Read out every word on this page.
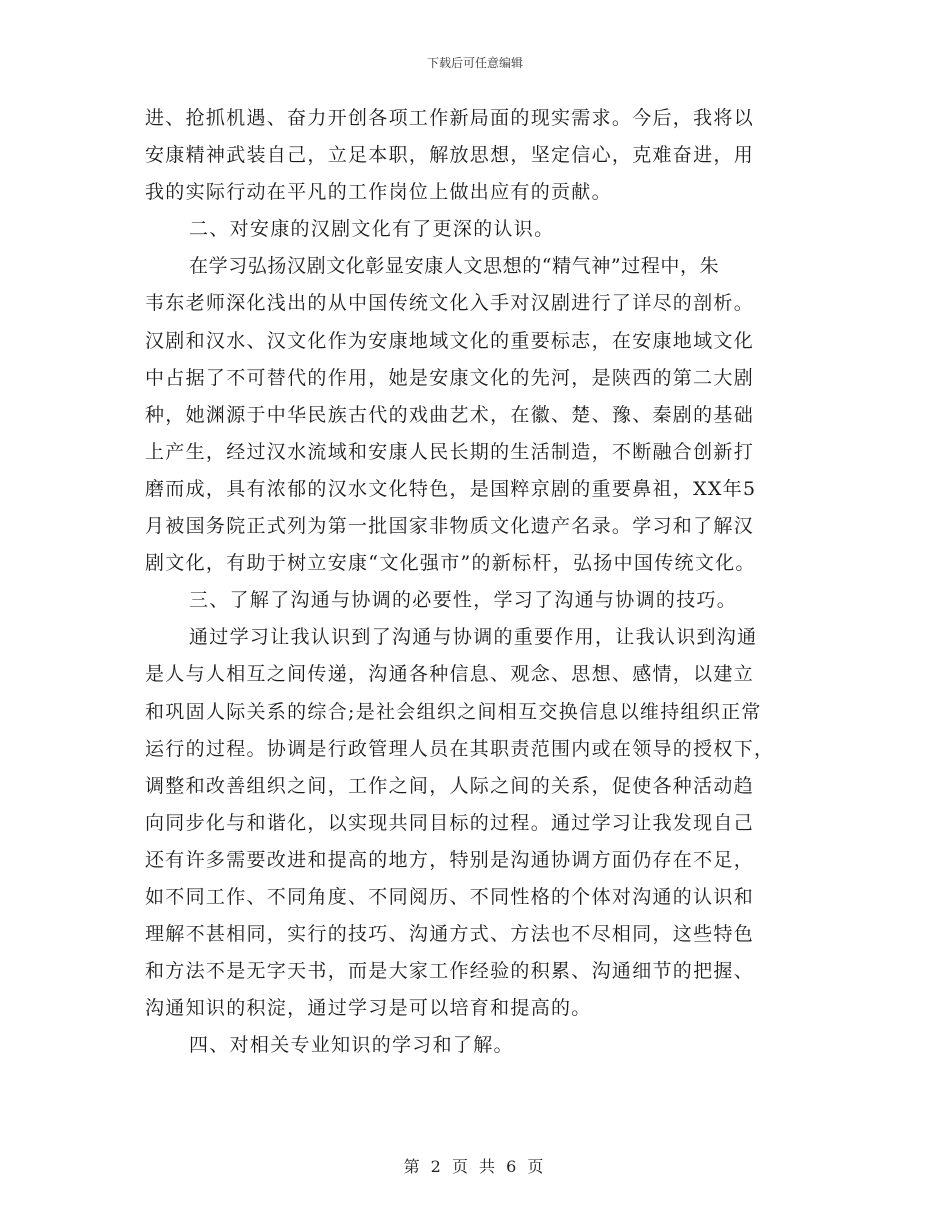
下载后可任意编辑
进、抢抓机遇、奋力开创各项工作新局面的现实需求。今后，我将以
安康精神武装自己，立足本职，解放思想，坚定信心，克难奋进，用
我的实际行动在平凡的工作岗位上做出应有的贡献。
二、对安康的汉剧文化有了更深的认识。
在学习弘扬汉剧文化彰显安康人文思想的“精气神”过程中，朱
韦东老师深化浅出的从中国传统文化入手对汉剧进行了详尽的剖析。
汉剧和汉水、汉文化作为安康地域文化的重要标志，在安康地域文化
中占据了不可替代的作用，她是安康文化的先河，是陕西的第二大剧
种，她渊源于中华民族古代的戏曲艺术，在徽、楚、豫、秦剧的基础
上产生，经过汉水流域和安康人民长期的生活制造，不断融合创新打
磨而成，具有浓郁的汉水文化特色，是国粹京剧的重要鼻祖，XX年5
月被国务院正式列为第一批国家非物质文化遗产名录。学习和了解汉
剧文化，有助于树立安康“文化强市”的新标杆，弘扬中国传统文化。
三、了解了沟通与协调的必要性，学习了沟通与协调的技巧。
通过学习让我认识到了沟通与协调的重要作用，让我认识到沟通
是人与人相互之间传递，沟通各种信息、观念、思想、感情，以建立
和巩固人际关系的综合;是社会组织之间相互交换信息以维持组织正常
运行的过程。协调是行政管理人员在其职责范围内或在领导的授权下，
调整和改善组织之间，工作之间，人际之间的关系，促使各种活动趋
向同步化与和谐化，以实现共同目标的过程。通过学习让我发现自己
还有许多需要改进和提高的地方，特别是沟通协调方面仍存在不足，
如不同工作、不同角度、不同阅历、不同性格的个体对沟通的认识和
理解不甚相同，实行的技巧、沟通方式、方法也不尽相同，这些特色
和方法不是无字天书，而是大家工作经验的积累、沟通细节的把握、
沟通知识的积淀，通过学习是可以培育和提高的。
四、对相关专业知识的学习和了解。
第 2 页 共 6 页
